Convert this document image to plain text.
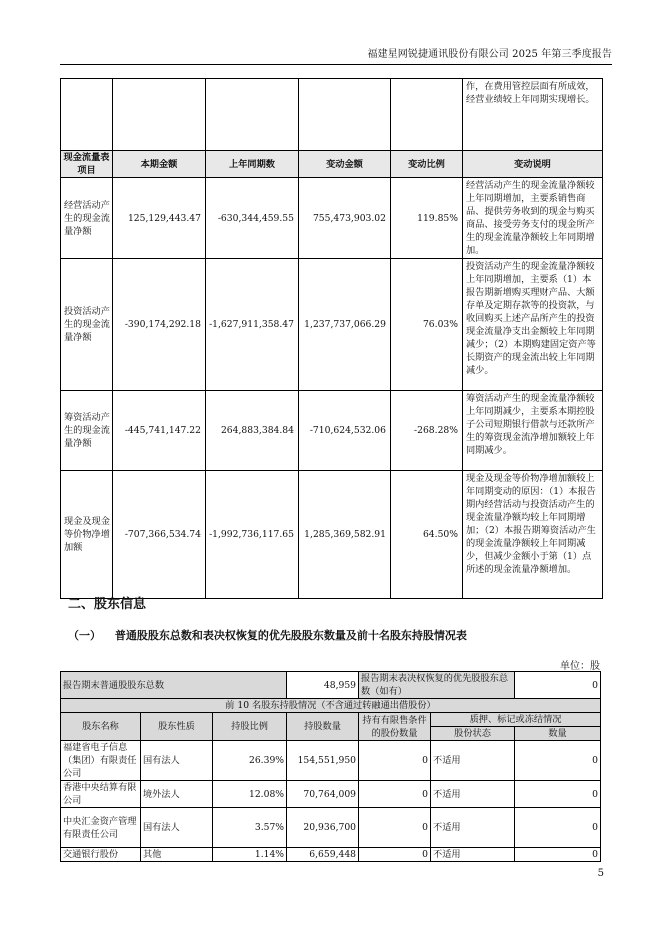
福建星网锐捷通讯股份有限公司 2025 年第三季度报告
					作，在费用管控层面有所成效，经营业绩较上年同期实现增长。
现金流量表项目	本期金额	上年同期数	变动金额	变动比例	变动说明
经营活动产生的现金流量净额	125,129,443.47	-630,344,459.55	755,473,903.02	119.85%	经营活动产生的现金流量净额较上年同期增加，主要系销售商品、提供劳务收到的现金与购买商品、接受劳务支付的现金所产生的现金流量净额较上年同期增加。
投资活动产生的现金流量净额	-390,174,292.18	-1,627,911,358.47	1,237,737,066.29	76.03%	投资活动产生的现金流量净额较上年同期增加，主要系（1）本报告期新增购买理财产品、大额存单及定期存款等的投资款，与收回购买上述产品所产生的投资现金流量净支出金额较上年同期减少；（2）本期购建固定资产等长期资产的现金流出较上年同期减少。
筹资活动产生的现金流量净额	-445,741,147.22	264,883,384.84	-710,624,532.06	-268.28%	筹资活动产生的现金流量净额较上年同期减少，主要系本期控股子公司短期银行借款与还款所产生的筹资现金流净增加额较上年同期减少。
现金及现金等价物净增加额	-707,366,534.74	-1,992,736,117.65	1,285,369,582.91	64.50%	现金及现金等价物净增加额较上年同期变动的原因：（1）本报告期内经营活动与投资活动产生的现金流量净额均较上年同期增加；（2）本报告期筹资活动产生的现金流量净额较上年同期减少，但减少金额小于第（1）点所述的现金流量净额增加。
二、股东信息
（一） 普通股股东总数和表决权恢复的优先股股东数量及前十名股东持股情况表
单位：股
报告期末普通股股东总数			48,959	报告期末表决权恢复的优先股股东总数（如有）		0
前 10 名股东持股情况（不含通过转融通出借股份）						
股东名称	股东性质	持股比例	持股数量	持有有限售条件的股份数量	质押、标记或冻结情况	
					股份状态	数量
福建省电子信息（集团）有限责任公司	国有法人	26.39%	154,551,950	0	不适用	0
香港中央结算有限公司	境外法人	12.08%	70,764,009	0	不适用	0
中央汇金资产管理有限责任公司	国有法人	3.57%	20,936,700	0	不适用	0
交通银行股份	其他	1.14%	6,659,448	0	不适用	0
5
